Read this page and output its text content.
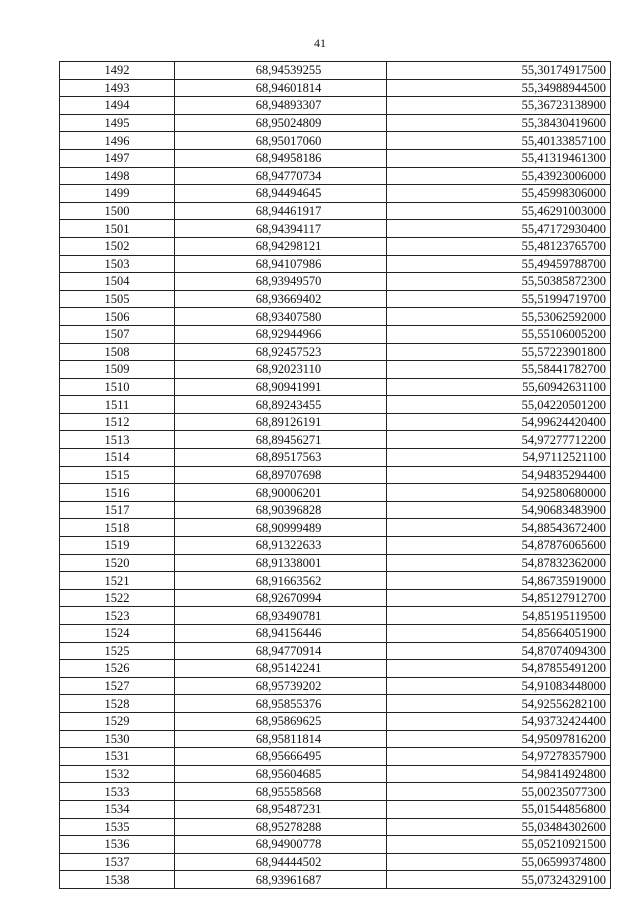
41
1492	68,94539255	55,30174917500
1493	68,94601814	55,34988944500
1494	68,94893307	55,36723138900
1495	68,95024809	55,38430419600
1496	68,95017060	55,40133857100
1497	68,94958186	55,41319461300
1498	68,94770734	55,43923006000
1499	68,94494645	55,45998306000
1500	68,94461917	55,46291003000
1501	68,94394117	55,47172930400
1502	68,94298121	55,48123765700
1503	68,94107986	55,49459788700
1504	68,93949570	55,50385872300
1505	68,93669402	55,51994719700
1506	68,93407580	55,53062592000
1507	68,92944966	55,55106005200
1508	68,92457523	55,57223901800
1509	68,92023110	55,58441782700
1510	68,90941991	55,60942631100
1511	68,89243455	55,04220501200
1512	68,89126191	54,99624420400
1513	68,89456271	54,97277712200
1514	68,89517563	54,97112521100
1515	68,89707698	54,94835294400
1516	68,90006201	54,92580680000
1517	68,90396828	54,90683483900
1518	68,90999489	54,88543672400
1519	68,91322633	54,87876065600
1520	68,91338001	54,87832362000
1521	68,91663562	54,86735919000
1522	68,92670994	54,85127912700
1523	68,93490781	54,85195119500
1524	68,94156446	54,85664051900
1525	68,94770914	54,87074094300
1526	68,95142241	54,87855491200
1527	68,95739202	54,91083448000
1528	68,95855376	54,92556282100
1529	68,95869625	54,93732424400
1530	68,95811814	54,95097816200
1531	68,95666495	54,97278357900
1532	68,95604685	54,98414924800
1533	68,95558568	55,00235077300
1534	68,95487231	55,01544856800
1535	68,95278288	55,03484302600
1536	68,94900778	55,05210921500
1537	68,94444502	55,06599374800
1538	68,93961687	55,07324329100
